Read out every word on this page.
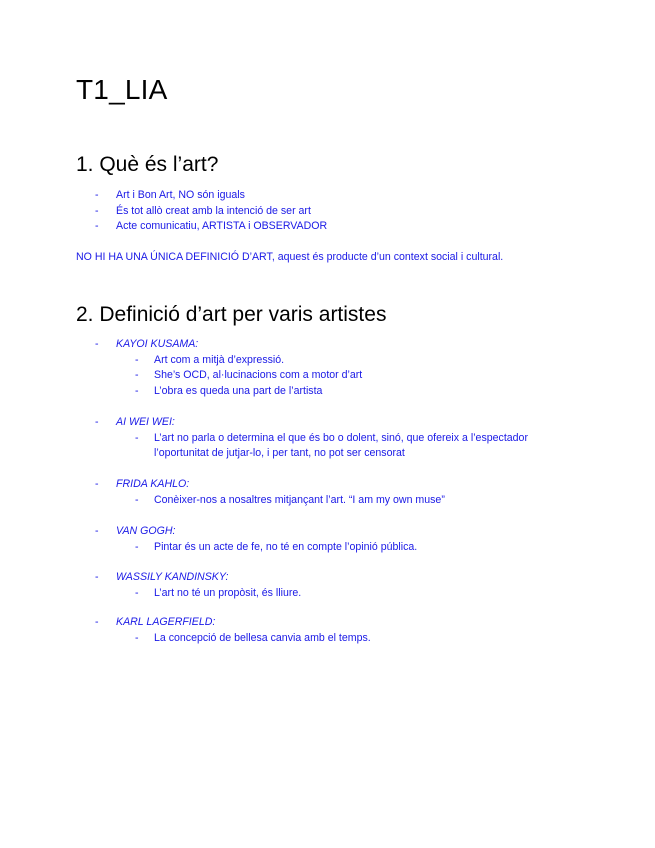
T1_LIA
1. Què és l’art?
-	Art i Bon Art, NO són iguals
-	És tot allò creat amb la intenció de ser art
-	Acte comunicatiu, ARTISTA i OBSERVADOR
NO HI HA UNA ÚNICA DEFINICIÓ D’ART, aquest és producte d’un context social i cultural.
2. Definició d’art per varis artistes
-	KAYOI KUSAMA:
-	Art com a mitjà d’expressió.
-	She’s OCD, al·lucinacions com a motor d’art
-	L’obra es queda una part de l’artista
-	AI WEI WEI:
-	L’art no parla o determina el que és bo o dolent, sinó, que ofereix a l’espectador
l’oportunitat de jutjar-lo, i per tant, no pot ser censorat
-	FRIDA KAHLO:
-	Conèixer-nos a nosaltres mitjançant l’art. “I am my own muse”
-	VAN GOGH:
-	Pintar és un acte de fe, no té en compte l’opinió pública.
-	WASSILY KANDINSKY:
-	L’art no té un propòsit, és lliure.
-	KARL LAGERFIELD:
-	La concepció de bellesa canvia amb el temps.
